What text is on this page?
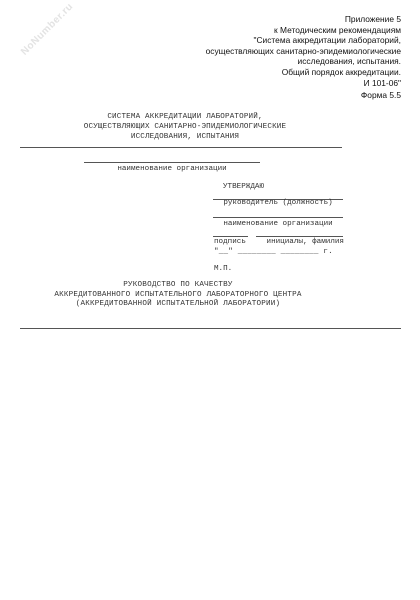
NoNumber.ru	Приложение 5
к Методическим рекомендациям
"Система аккредитации лабораторий,
осуществляющих санитарно-эпидемиологические
исследования, испытания.
Общий порядок аккредитации.
И 101-06"
Форма 5.5
СИСТЕМА АККРЕДИТАЦИИ ЛАБОРАТОРИЙ,
ОСУЩЕСТВЛЯЮЩИХ САНИТАРНО-ЭПИДЕМИОЛОГИЧЕСКИЕ
ИССЛЕДОВАНИЯ, ИСПЫТАНИЯ
наименование организации
УТВЕРЖДАЮ
руководитель (должность)
наименование организации
подпись	инициалы, фамилия
"__" ________ ________ г.
М.П.
РУКОВОДСТВО ПО КАЧЕСТВУ
АККРЕДИТОВАННОГО ИСПЫТАТЕЛЬНОГО ЛАБОРАТОРНОГО ЦЕНТРА
(АККРЕДИТОВАННОЙ ИСПЫТАТЕЛЬНОЙ ЛАБОРАТОРИИ)
